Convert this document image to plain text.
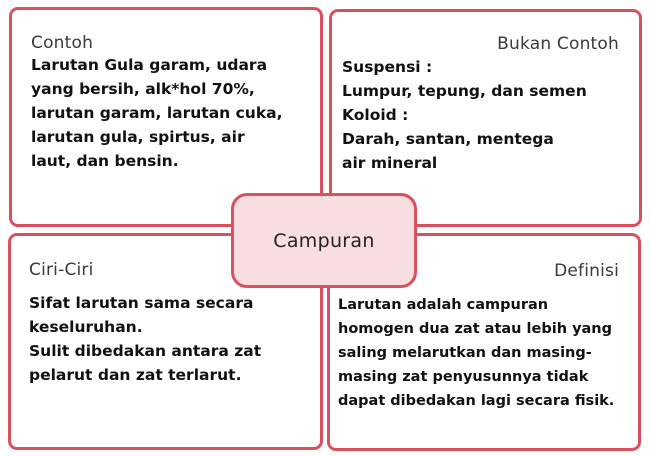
Contoh
Larutan Gula garam, udara
yang bersih, alk*hol 70%,
larutan garam, larutan cuka,
larutan gula, spirtus, air
laut, dan bensin.
Bukan Contoh
Suspensi :
Lumpur, tepung, dan semen
Koloid :
Darah, santan, mentega
air mineral
Ciri-Ciri
Sifat larutan sama secara
keseluruhan.
Sulit dibedakan antara zat
pelarut dan zat terlarut.
Definisi
Larutan adalah campuran
homogen dua zat atau lebih yang
saling melarutkan dan masing-
masing zat penyusunnya tidak
dapat dibedakan lagi secara fisik.
Campuran
